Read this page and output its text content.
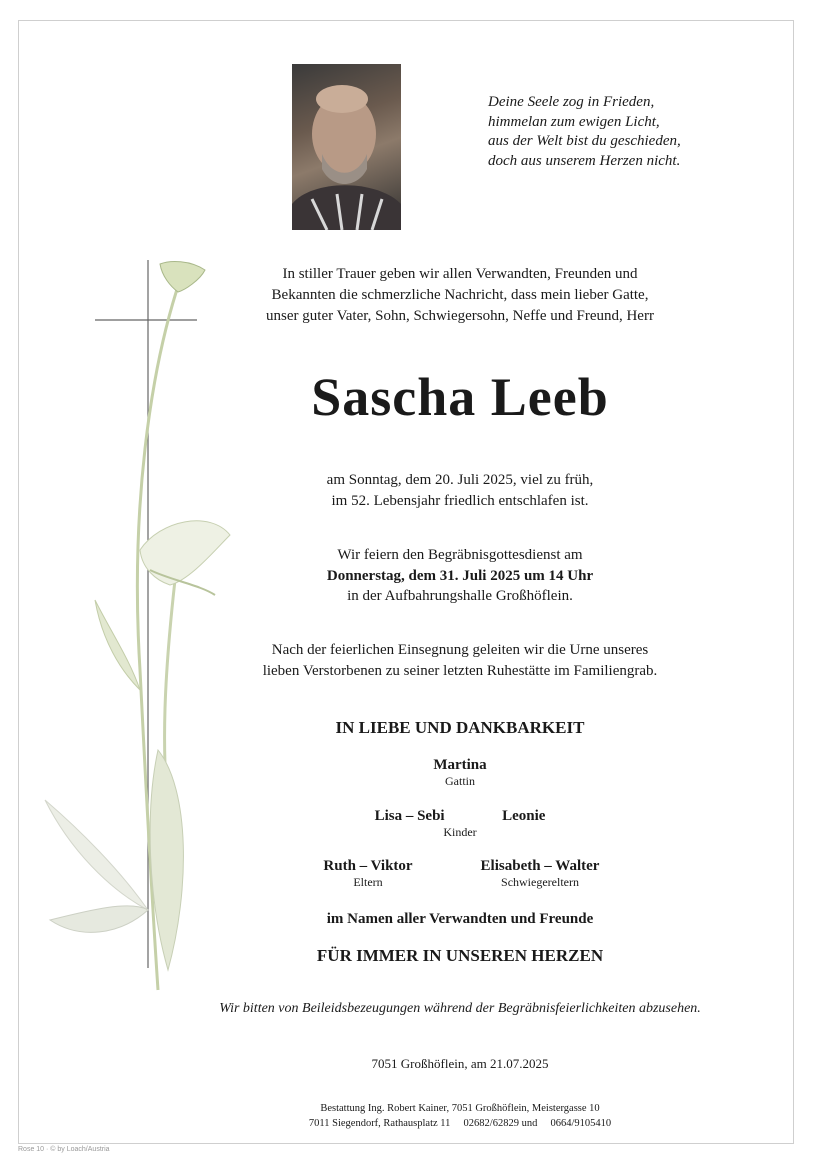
Deine Seele zog in Frieden,
himmelan zum ewigen Licht,
aus der Welt bist du geschieden,
doch aus unserem Herzen nicht.
In stiller Trauer geben wir allen Verwandten, Freunden und
Bekannten die schmerzliche Nachricht, dass mein lieber Gatte,
unser guter Vater, Sohn, Schwiegersohn, Neffe und Freund, Herr
Sascha Leeb
am Sonntag, dem 20. Juli 2025, viel zu früh,
im 52. Lebensjahr friedlich entschlafen ist.
Wir feiern den Begräbnisgottesdienst am
Donnerstag, dem 31. Juli 2025 um 14 Uhr
in der Aufbahrungshalle Großhöflein.
Nach der feierlichen Einsegnung geleiten wir die Urne unseres
lieben Verstorbenen zu seiner letzten Ruhestätte im Familiengrab.
IN LIEBE UND DANKBARKEIT
Martina
Gattin
Lisa – Sebi	Leonie
Kinder
Ruth – Viktor
Eltern
Elisabeth – Walter
Schwiegereltern
im Namen aller Verwandten und Freunde
FÜR IMMER IN UNSEREN HERZEN
Wir bitten von Beileidsbezeugungen während der Begräbnisfeierlichkeiten abzusehen.
7051 Großhöflein, am 21.07.2025
Bestattung Ing. Robert Kainer, 7051 Großhöflein, Meistergasse 10
7011 Siegendorf, Rathausplatz 11     02682/62829 und     0664/9105410
Rose 10 · © by Loach/Austria
